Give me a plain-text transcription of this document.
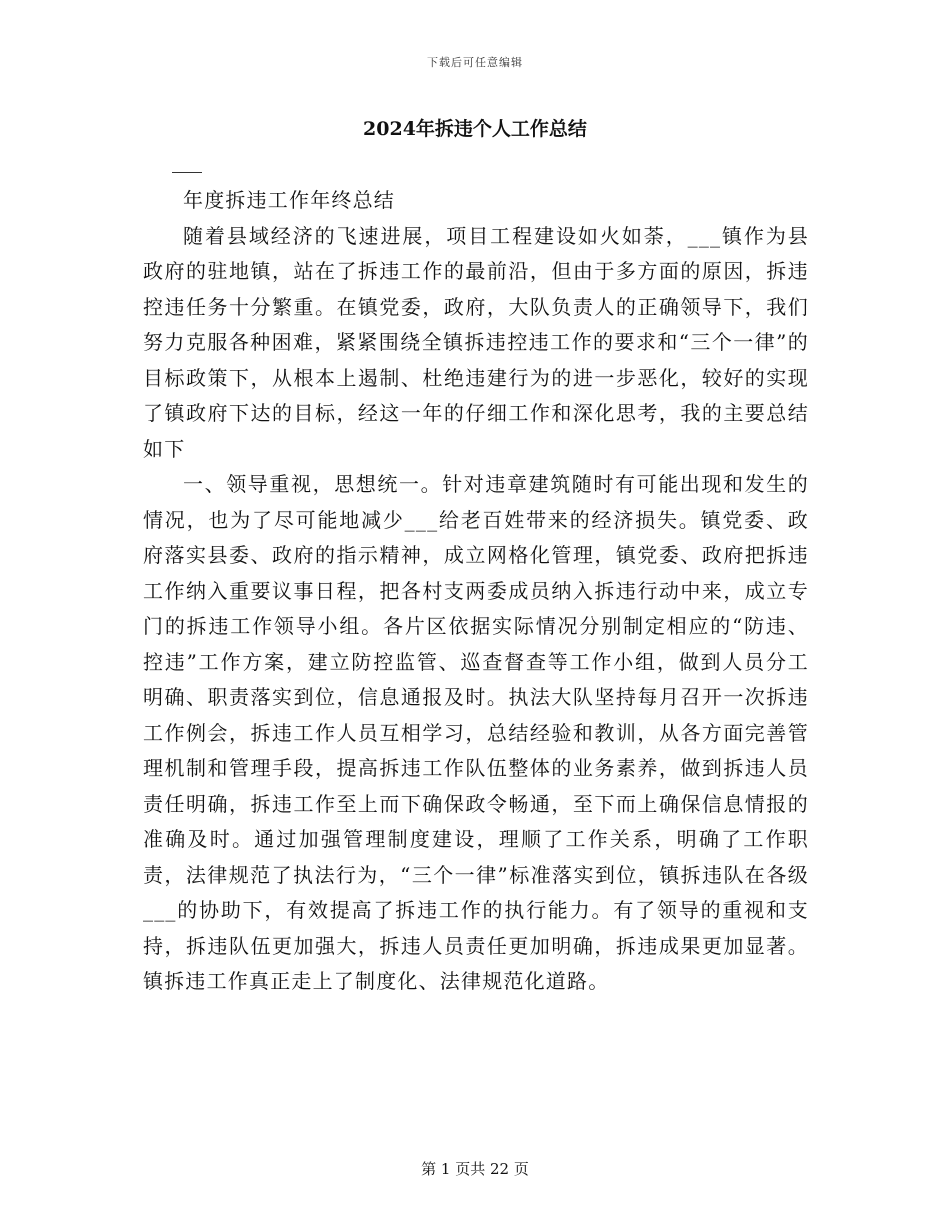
下载后可任意编辑
2024年拆违个人工作总结

年度拆违工作年终总结

随着县域经济的飞速进展，项目工程建设如火如荼，___镇作为县政府的驻地镇，站在了拆违工作的最前沿，但由于多方面的原因，拆违控违任务十分繁重。在镇党委，政府，大队负责人的正确领导下，我们努力克服各种困难，紧紧围绕全镇拆违控违工作的要求和“三个一律”的目标政策下，从根本上遏制、杜绝违建行为的进一步恶化，较好的实现了镇政府下达的目标，经这一年的仔细工作和深化思考，我的主要总结如下

一、领导重视，思想统一。针对违章建筑随时有可能出现和发生的情况，也为了尽可能地减少___给老百姓带来的经济损失。镇党委、政府落实县委、政府的指示精神，成立网格化管理，镇党委、政府把拆违工作纳入重要议事日程，把各村支两委成员纳入拆违行动中来，成立专门的拆违工作领导小组。各片区依据实际情况分别制定相应的“防违、控违”工作方案，建立防控监管、巡查督查等工作小组，做到人员分工明确、职责落实到位，信息通报及时。执法大队坚持每月召开一次拆违工作例会，拆违工作人员互相学习，总结经验和教训，从各方面完善管理机制和管理手段，提高拆违工作队伍整体的业务素养，做到拆违人员责任明确，拆违工作至上而下确保政令畅通，至下而上确保信息情报的准确及时。通过加强管理制度建设，理顺了工作关系，明确了工作职责，法律规范了执法行为，“三个一律”标准落实到位，镇拆违队在各级___的协助下，有效提高了拆违工作的执行能力。有了领导的重视和支持，拆违队伍更加强大，拆违人员责任更加明确，拆违成果更加显著。镇拆违工作真正走上了制度化、法律规范化道路。

第 1 页共 22 页
